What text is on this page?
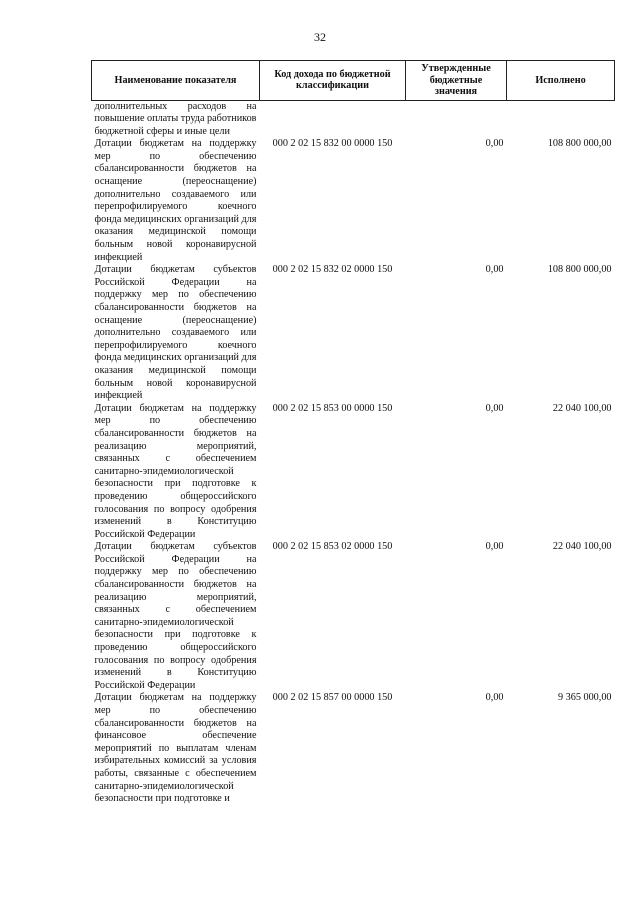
32
Наименование показателя	Код дохода по бюджетной классификации	Утвержденные бюджетные значения	Исполнено
дополнительных расходов на повышение оплаты труда работников бюджетной сферы и иные цели			
Дотации бюджетам на поддержку мер по обеспечению сбалансированности бюджетов на оснащение (переоснащение) дополнительно создаваемого или перепрофилируемого коечного фонда медицинских организаций для оказания медицинской помощи больным новой коронавирусной инфекцией	000 2 02 15 832 00 0000 150	0,00	108 800 000,00
Дотации бюджетам субъектов Российской Федерации на поддержку мер по обеспечению сбалансированности бюджетов на оснащение (переоснащение) дополнительно создаваемого или перепрофилируемого коечного фонда медицинских организаций для оказания медицинской помощи больным новой коронавирусной инфекцией	000 2 02 15 832 02 0000 150	0,00	108 800 000,00
Дотации бюджетам на поддержку мер по обеспечению сбалансированности бюджетов на реализацию мероприятий, связанных с обеспечением санитарно-эпидемиологической безопасности при подготовке к проведению общероссийского голосования по вопросу одобрения изменений в Конституцию Российской Федерации	000 2 02 15 853 00 0000 150	0,00	22 040 100,00
Дотации бюджетам субъектов Российской Федерации на поддержку мер по обеспечению сбалансированности бюджетов на реализацию мероприятий, связанных с обеспечением санитарно-эпидемиологической безопасности при подготовке к проведению общероссийского голосования по вопросу одобрения изменений в Конституцию Российской Федерации	000 2 02 15 853 02 0000 150	0,00	22 040 100,00
Дотации бюджетам на поддержку мер по обеспечению сбалансированности бюджетов на финансовое обеспечение мероприятий по выплатам членам избирательных комиссий за условия работы, связанные с обеспечением санитарно-эпидемиологической безопасности при подготовке и	000 2 02 15 857 00 0000 150	0,00	9 365 000,00
